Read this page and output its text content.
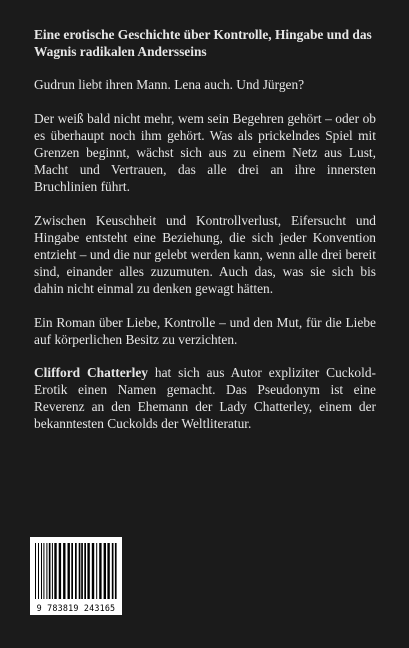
Eine erotische Geschichte über Kontrolle, Hingabe und das Wagnis radikalen Andersseins

Gudrun liebt ihren Mann. Lena auch. Und Jürgen?

Der weiß bald nicht mehr, wem sein Begehren gehört – oder ob es überhaupt noch ihm gehört. Was als prickelndes Spiel mit Grenzen beginnt, wächst sich aus zu einem Netz aus Lust, Macht und Vertrauen, das alle drei an ihre innersten Bruchlinien führt.

Zwischen Keuschheit und Kontrollverlust, Eifersucht und Hingabe entsteht eine Beziehung, die sich jeder Konvention entzieht – und die nur gelebt werden kann, wenn alle drei bereit sind, einander alles zuzumuten. Auch das, was sie sich bis dahin nicht einmal zu denken gewagt hätten.

Ein Roman über Liebe, Kontrolle – und den Mut, für die Liebe auf körperlichen Besitz zu verzichten.

Clifford Chatterley hat sich aus Autor expliziter Cuckold-Erotik einen Namen gemacht. Das Pseudonym ist eine Reverenz an den Ehemann der Lady Chatterley, einem der bekanntesten Cuckolds der Weltliteratur.

9 783819 243165
